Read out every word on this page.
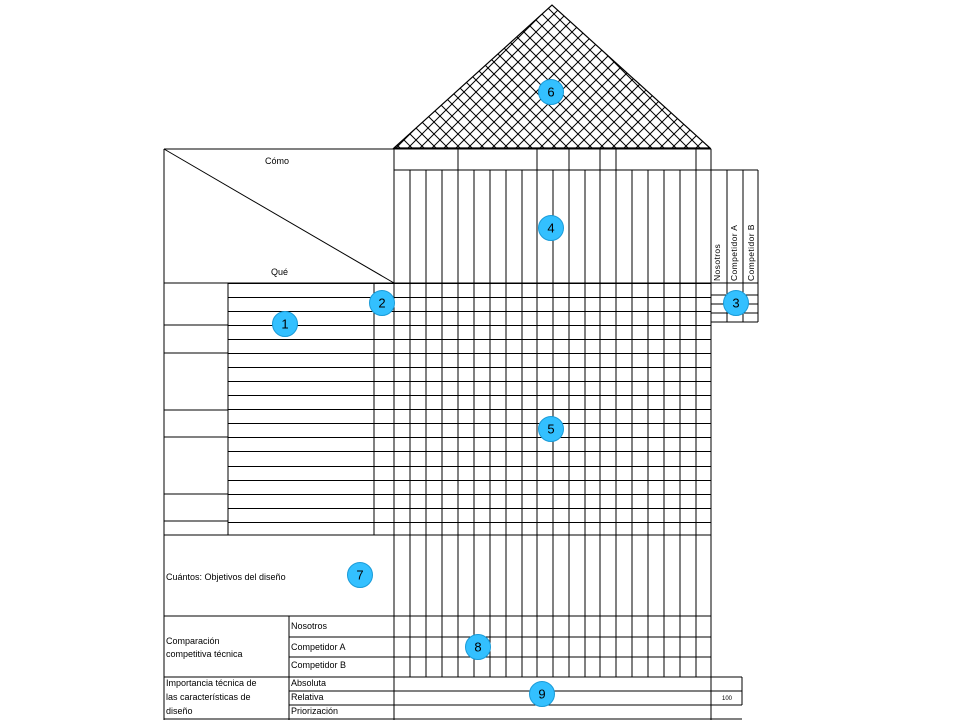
Cómo
Qué	Nosotros Competidor A Competidor B
Cuántos: Objetivos del diseño
Comparación
competitiva técnica
Nosotros
Competidor A
Competidor B
Importancia técnica de
las características de
diseño
Absoluta
Relativa
Priorización
100
1
2	3
4
5
6
7
8
9
